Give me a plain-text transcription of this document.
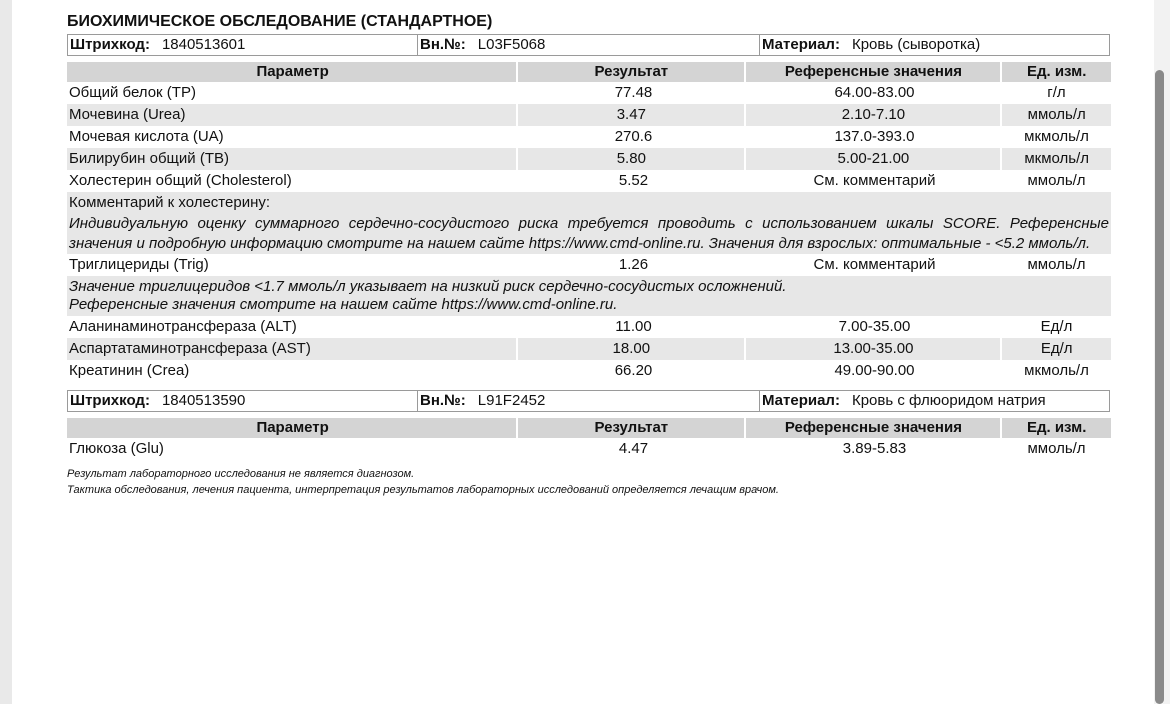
БИОХИМИЧЕСКОЕ ОБСЛЕДОВАНИЕ (СТАНДАРТНОЕ)
Штрихкод: 1840513601	Вн.№: L03F5068	Материал: Кровь (сыворотка)
Параметр	Результат	Референсные значения	Ед. изм.
Общий белок (TP)	77.48	64.00-83.00	г/л
Мочевина (Urea)	3.47	2.10-7.10	ммоль/л
Мочевая кислота (UA)	270.6	137.0-393.0	мкмоль/л
Билирубин общий (TB)	5.80	5.00-21.00	мкмоль/л
Холестерин общий (Cholesterol)	5.52	См. комментарий	ммоль/л
Комментарий к холестерину:
Индивидуальную оценку суммарного сердечно-сосудистого риска требуется проводить с использованием шкалы SCORE. Референсные значения и подробную информацию смотрите на нашем сайте https://www.cmd-online.ru. Значения для взрослых: оптимальные - <5.2 ммоль/л.
Триглицериды (Trig)	1.26	См. комментарий	ммоль/л
Значение триглицеридов <1.7 ммоль/л указывает на низкий риск сердечно-сосудистых осложнений.
Референсные значения смотрите на нашем сайте https://www.cmd-online.ru.
Аланинаминотрансфераза (ALT)	11.00	7.00-35.00	Ед/л
Аспартатаминотрансфераза (AST)	18.00	13.00-35.00	Ед/л
Креатинин (Crea)	66.20	49.00-90.00	мкмоль/л
Штрихкод: 1840513590	Вн.№: L91F2452	Материал: Кровь с флюоридом натрия
Параметр	Результат	Референсные значения	Ед. изм.
Глюкоза (Glu)	4.47	3.89-5.83	ммоль/л
Результат лабораторного исследования не является диагнозом.
Тактика обследования, лечения пациента, интерпретация результатов лабораторных исследований определяется лечащим врачом.
